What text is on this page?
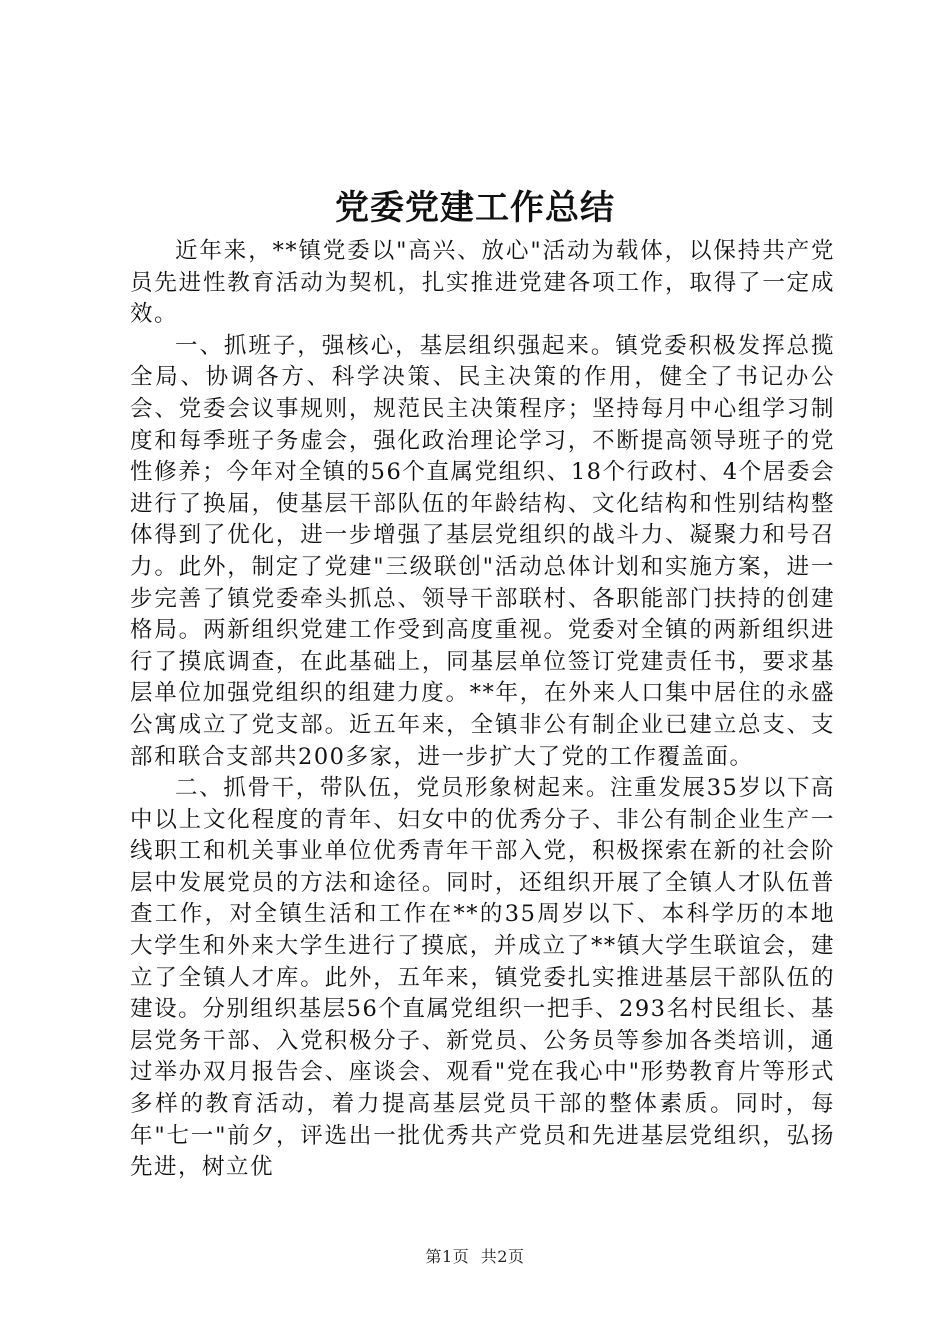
党委党建工作总结

近年来，**镇党委以"高兴、放心"活动为载体，以保持共产党员先进性教育活动为契机，扎实推进党建各项工作，取得了一定成效。

一、抓班子，强核心，基层组织强起来。镇党委积极发挥总揽全局、协调各方、科学决策、民主决策的作用，健全了书记办公会、党委会议事规则，规范民主决策程序；坚持每月中心组学习制度和每季班子务虚会，强化政治理论学习，不断提高领导班子的党性修养；今年对全镇的56个直属党组织、18个行政村、4个居委会进行了换届，使基层干部队伍的年龄结构、文化结构和性别结构整体得到了优化，进一步增强了基层党组织的战斗力、凝聚力和号召力。此外，制定了党建"三级联创"活动总体计划和实施方案，进一步完善了镇党委牵头抓总、领导干部联村、各职能部门扶持的创建格局。两新组织党建工作受到高度重视。党委对全镇的两新组织进行了摸底调查，在此基础上，同基层单位签订党建责任书，要求基层单位加强党组织的组建力度。**年，在外来人口集中居住的永盛公寓成立了党支部。近五年来，全镇非公有制企业已建立总支、支部和联合支部共200多家，进一步扩大了党的工作覆盖面。

二、抓骨干，带队伍，党员形象树起来。注重发展35岁以下高中以上文化程度的青年、妇女中的优秀分子、非公有制企业生产一线职工和机关事业单位优秀青年干部入党，积极探索在新的社会阶层中发展党员的方法和途径。同时，还组织开展了全镇人才队伍普查工作，对全镇生活和工作在**的35周岁以下、本科学历的本地大学生和外来大学生进行了摸底，并成立了**镇大学生联谊会，建立了全镇人才库。此外，五年来，镇党委扎实推进基层干部队伍的建设。分别组织基层56个直属党组织一把手、293名村民组长、基层党务干部、入党积极分子、新党员、公务员等参加各类培训，通过举办双月报告会、座谈会、观看"党在我心中"形势教育片等形式多样的教育活动，着力提高基层党员干部的整体素质。同时，每年"七一"前夕，评选出一批优秀共产党员和先进基层党组织，弘扬先进，树立优

第1页 共2页
